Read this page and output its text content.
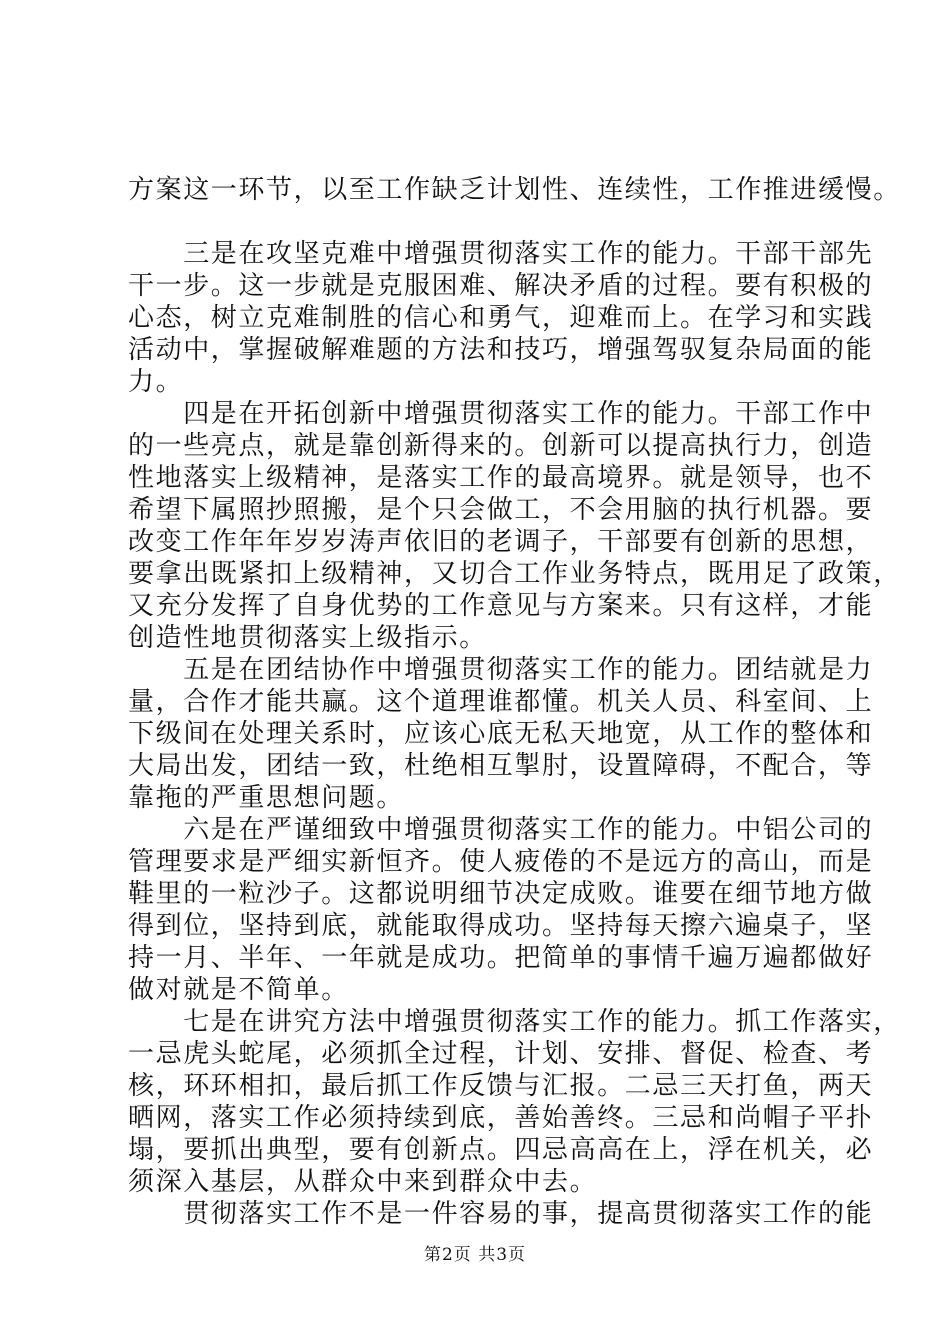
方案这一环节，以至工作缺乏计划性、连续性，工作推进缓慢。
　　三是在攻坚克难中增强贯彻落实工作的能力。干部干部先
干一步。这一步就是克服困难、解决矛盾的过程。要有积极的
心态，树立克难制胜的信心和勇气，迎难而上。在学习和实践
活动中，掌握破解难题的方法和技巧，增强驾驭复杂局面的能
力。
　　四是在开拓创新中增强贯彻落实工作的能力。干部工作中
的一些亮点，就是靠创新得来的。创新可以提高执行力，创造
性地落实上级精神，是落实工作的最高境界。就是领导，也不
希望下属照抄照搬，是个只会做工，不会用脑的执行机器。要
改变工作年年岁岁涛声依旧的老调子，干部要有创新的思想，
要拿出既紧扣上级精神，又切合工作业务特点，既用足了政策，
又充分发挥了自身优势的工作意见与方案来。只有这样，才能
创造性地贯彻落实上级指示。
　　五是在团结协作中增强贯彻落实工作的能力。团结就是力
量，合作才能共赢。这个道理谁都懂。机关人员、科室间、上
下级间在处理关系时，应该心底无私天地宽，从工作的整体和
大局出发，团结一致，杜绝相互掣肘，设置障碍，不配合，等
靠拖的严重思想问题。
　　六是在严谨细致中增强贯彻落实工作的能力。中铝公司的
管理要求是严细实新恒齐。使人疲倦的不是远方的高山，而是
鞋里的一粒沙子。这都说明细节决定成败。谁要在细节地方做
得到位，坚持到底，就能取得成功。坚持每天擦六遍桌子，坚
持一月、半年、一年就是成功。把简单的事情千遍万遍都做好
做对就是不简单。
　　七是在讲究方法中增强贯彻落实工作的能力。抓工作落实，
一忌虎头蛇尾，必须抓全过程，计划、安排、督促、检查、考
核，环环相扣，最后抓工作反馈与汇报。二忌三天打鱼，两天
晒网，落实工作必须持续到底，善始善终。三忌和尚帽子平扑
塌，要抓出典型，要有创新点。四忌高高在上，浮在机关，必
须深入基层，从群众中来到群众中去。
　　贯彻落实工作不是一件容易的事，提高贯彻落实工作的能
第2页 共3页
